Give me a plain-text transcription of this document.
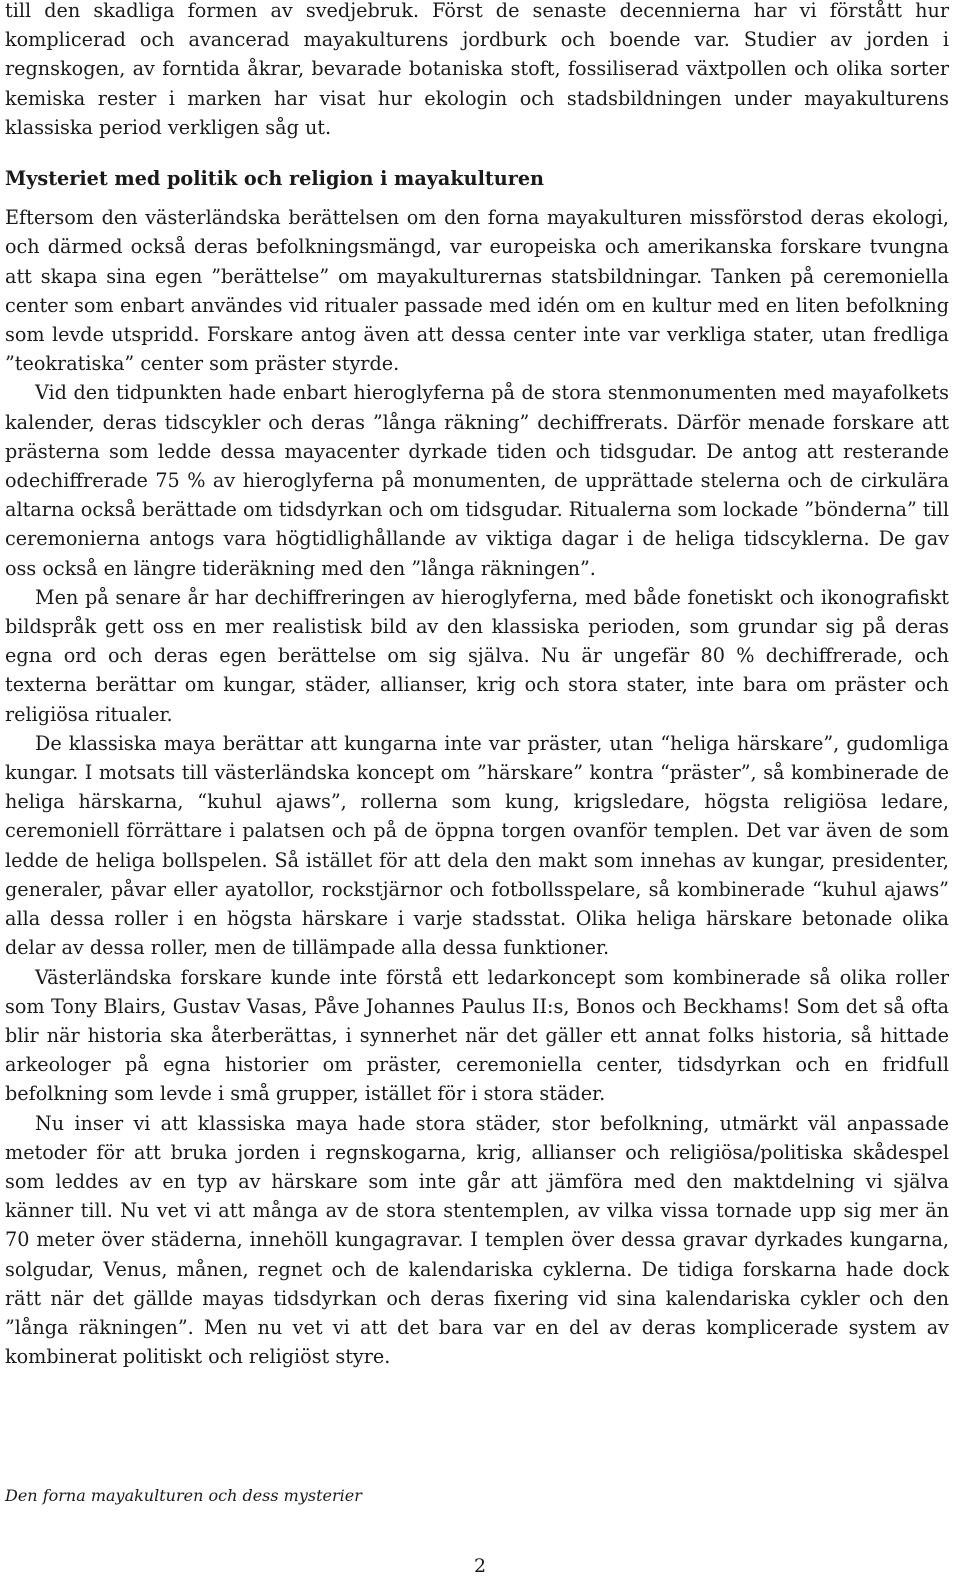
till den skadliga formen av svedjebruk. Först de senaste decennierna har vi förstått hur komplicerad och avancerad mayakulturens jordburk och boende var. Studier av jorden i regnskogen, av forntida åkrar, bevarade botaniska stoft, fossiliserad växtpollen och olika sorter kemiska rester i marken har visat hur ekologin och stadsbildningen under mayakulturens klassiska period verkligen såg ut.

Mysteriet med politik och religion i mayakulturen

Eftersom den västerländska berättelsen om den forna mayakulturen missförstod deras ekologi, och därmed också deras befolkningsmängd, var europeiska och amerikanska forskare tvungna att skapa sina egen ”berättelse” om mayakulturernas statsbildningar. Tanken på ceremoniella center som enbart användes vid ritualer passade med idén om en kultur med en liten befolkning som levde utspridd. Forskare antog även att dessa center inte var verkliga stater, utan fredliga ”teokratiska” center som präster styrde.

Vid den tidpunkten hade enbart hieroglyferna på de stora stenmonumenten med mayafolkets kalender, deras tidscykler och deras ”långa räkning” dechiffrerats. Därför menade forskare att prästerna som ledde dessa mayacenter dyrkade tiden och tidsgudar. De antog att resterande odechiffrerade 75 % av hieroglyferna på monumenten, de upprättade stelerna och de cirkulära altarna också berättade om tidsdyrkan och om tidsgudar. Ritualerna som lockade ”bönderna” till ceremonierna antogs vara högtidlighållande av viktiga dagar i de heliga tidscyklerna. De gav oss också en längre tideräkning med den ”långa räkningen”.

Men på senare år har dechiffreringen av hieroglyferna, med både fonetiskt och ikonografiskt bildspråk gett oss en mer realistisk bild av den klassiska perioden, som grundar sig på deras egna ord och deras egen berättelse om sig själva. Nu är ungefär 80 % dechiffrerade, och texterna berättar om kungar, städer, allianser, krig och stora stater, inte bara om präster och religiösa ritualer.

De klassiska maya berättar att kungarna inte var präster, utan “heliga härskare”, gudomliga kungar. I motsats till västerländska koncept om ”härskare” kontra “präster”, så kombinerade de heliga härskarna, “kuhul ajaws”, rollerna som kung, krigsledare, högsta religiösa ledare, ceremoniell förrättare i palatsen och på de öppna torgen ovanför templen. Det var även de som ledde de heliga bollspelen. Så istället för att dela den makt som innehas av kungar, presidenter, generaler, påvar eller ayatollor, rockstjärnor och fotbollsspelare, så kombinerade “kuhul ajaws” alla dessa roller i en högsta härskare i varje stadsstat. Olika heliga härskare betonade olika delar av dessa roller, men de tillämpade alla dessa funktioner.

Västerländska forskare kunde inte förstå ett ledarkoncept som kombinerade så olika roller som Tony Blairs, Gustav Vasas, Påve Johannes Paulus II:s, Bonos och Beckhams! Som det så ofta blir när historia ska återberättas, i synnerhet när det gäller ett annat folks historia, så hittade arkeologer på egna historier om präster, ceremoniella center, tidsdyrkan och en fridfull befolkning som levde i små grupper, istället för i stora städer.

Nu inser vi att klassiska maya hade stora städer, stor befolkning, utmärkt väl anpassade metoder för att bruka jorden i regnskogarna, krig, allianser och religiösa/politiska skådespel som leddes av en typ av härskare som inte går att jämföra med den maktdelning vi själva känner till. Nu vet vi att många av de stora stentemplen, av vilka vissa tornade upp sig mer än 70 meter över städerna, innehöll kungagravar. I templen över dessa gravar dyrkades kungarna, solgudar, Venus, månen, regnet och de kalendariska cyklerna. De tidiga forskarna hade dock rätt när det gällde mayas tidsdyrkan och deras fixering vid sina kalendariska cykler och den ”långa räkningen”. Men nu vet vi att det bara var en del av deras komplicerade system av kombinerat politiskt och religiöst styre.

Den forna mayakulturen och dess mysterier
2
